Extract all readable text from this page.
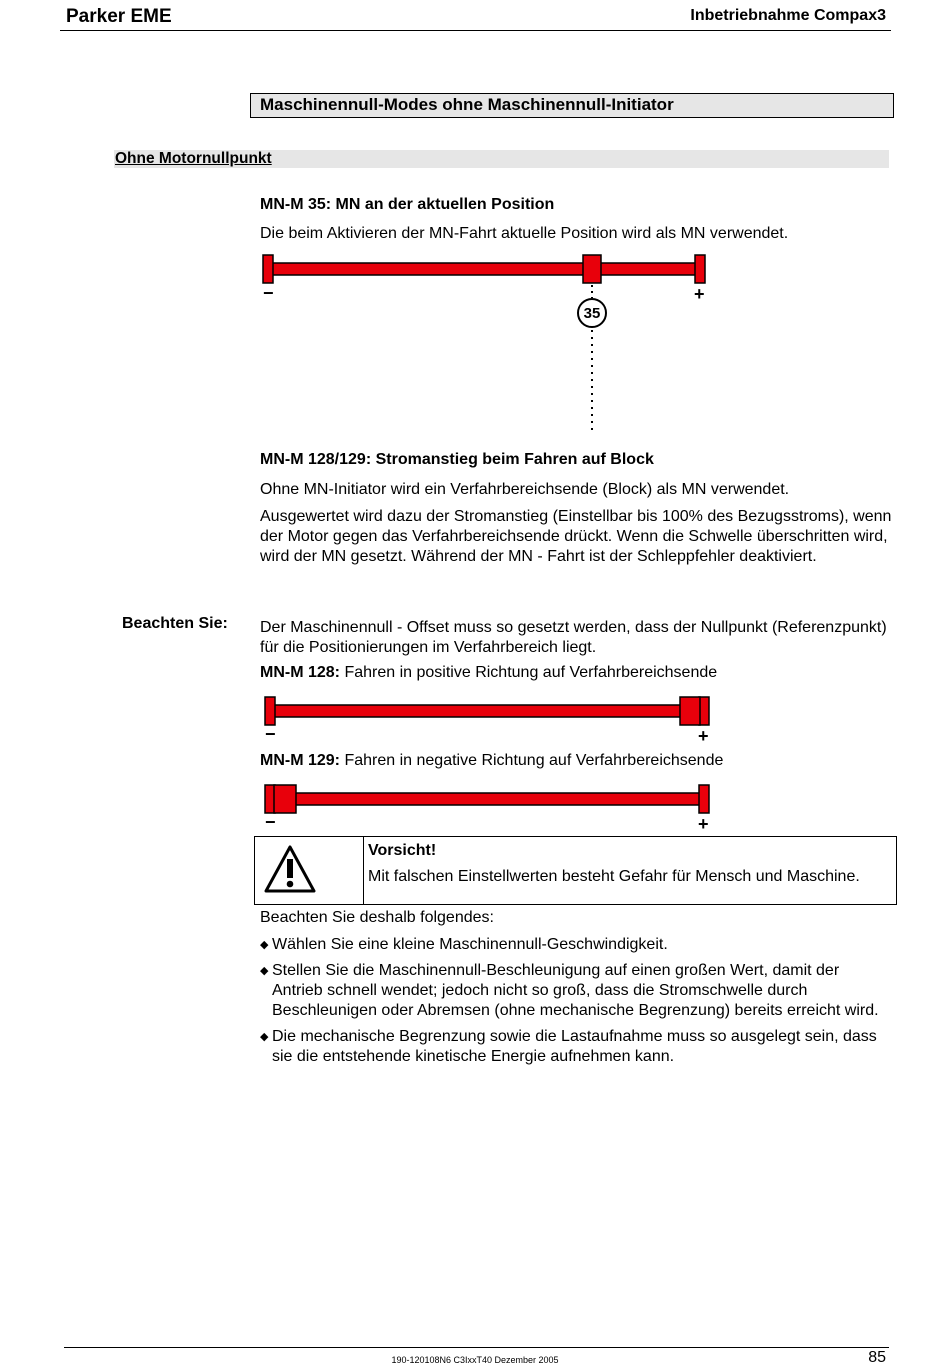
Parker EME	Inbetriebnahme Compax3
Maschinennull-Modes ohne Maschinennull-Initiator
Ohne Motornullpunkt
MN-M 35: MN an der aktuellen Position
Die beim Aktivieren der MN-Fahrt aktuelle Position wird als MN verwendet.
−	+
35
MN-M 128/129: Stromanstieg beim Fahren auf Block
Ohne MN-Initiator wird ein Verfahrbereichsende (Block) als MN verwendet.
Ausgewertet wird dazu der Stromanstieg (Einstellbar bis 100% des Bezugsstroms), wenn der Motor gegen das Verfahrbereichsende drückt. Wenn die Schwelle überschritten wird, wird der MN gesetzt. Während der MN - Fahrt ist der Schleppfehler deaktiviert.
Beachten Sie: Der Maschinennull - Offset muss so gesetzt werden, dass der Nullpunkt (Referenzpunkt) für die Positionierungen im Verfahrbereich liegt.
MN-M 128: Fahren in positive Richtung auf Verfahrbereichsende
−	+
MN-M 129: Fahren in negative Richtung auf Verfahrbereichsende
−	+
Vorsicht!
Mit falschen Einstellwerten besteht Gefahr für Mensch und Maschine.
Beachten Sie deshalb folgendes:
◆ Wählen Sie eine kleine Maschinennull-Geschwindigkeit.
◆ Stellen Sie die Maschinennull-Beschleunigung auf einen großen Wert, damit der Antrieb schnell wendet; jedoch nicht so groß, dass die Stromschwelle durch Beschleunigen oder Abremsen (ohne mechanische Begrenzung) bereits erreicht wird.
◆ Die mechanische Begrenzung sowie die Lastaufnahme muss so ausgelegt sein, dass sie die entstehende kinetische Energie aufnehmen kann.
190-120108N6 C3IxxT40 Dezember 2005	85
